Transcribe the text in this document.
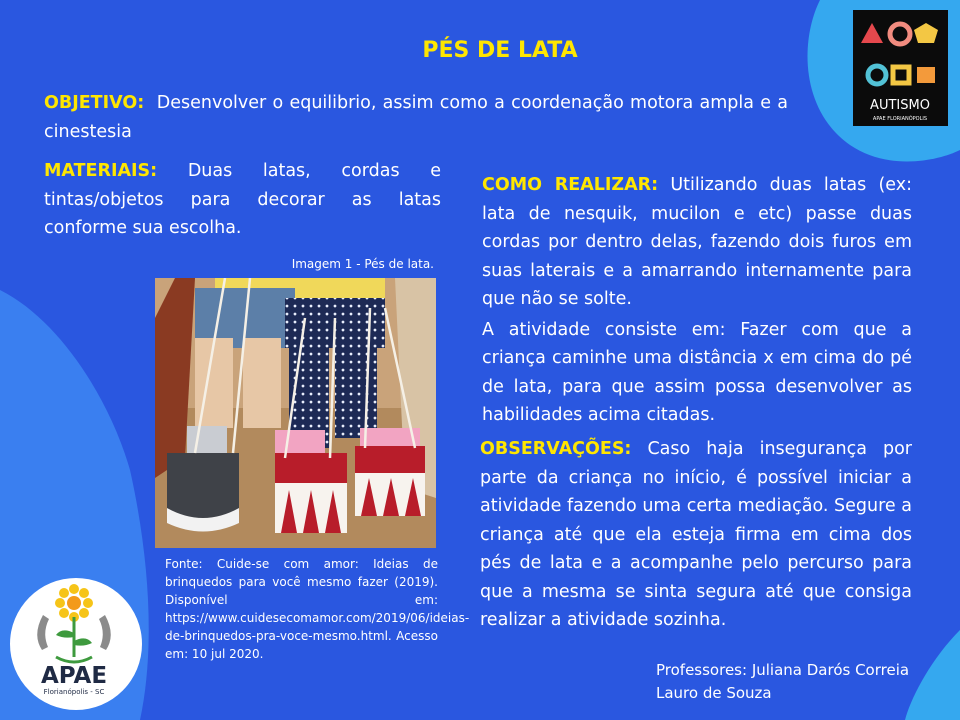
PÉS DE LATA
OBJETIVO: Desenvolver o equilibrio, assim como a coordenação motora ampla e a cinestesia
MATERIAIS: Duas latas, cordas e tintas/objetos para decorar as latas conforme sua escolha.
Imagem 1 - Pés de lata.
Fonte: Cuide-se com amor: Ideias de brinquedos para você mesmo fazer (2019). Disponível em: https://www.cuidesecomamor.com/2019/06/ideias-de-brinquedos-pra-voce-mesmo.html. Acesso em: 10 jul 2020.
COMO REALIZAR: Utilizando duas latas (ex: lata de nesquik, mucilon e etc) passe duas cordas por dentro delas, fazendo dois furos em suas laterais e a amarrando internamente para que não se solte.
A atividade consiste em: Fazer com que a criança caminhe uma distância x em cima do pé de lata, para que assim possa desenvolver as habilidades acima citadas.
OBSERVAÇÕES: Caso haja insegurança por parte da criança no início, é possível iniciar a atividade fazendo uma certa mediação. Segure a criança até que ela esteja firma em cima dos pés de lata e a acompanhe pelo percurso para que a mesma se sinta segura até que consiga realizar a atividade sozinha.
Professores: Juliana Darós Correia
Lauro de Souza
AUTISMO
APAE FLORIANÓPOLIS
APAE
Florianópolis - SC
